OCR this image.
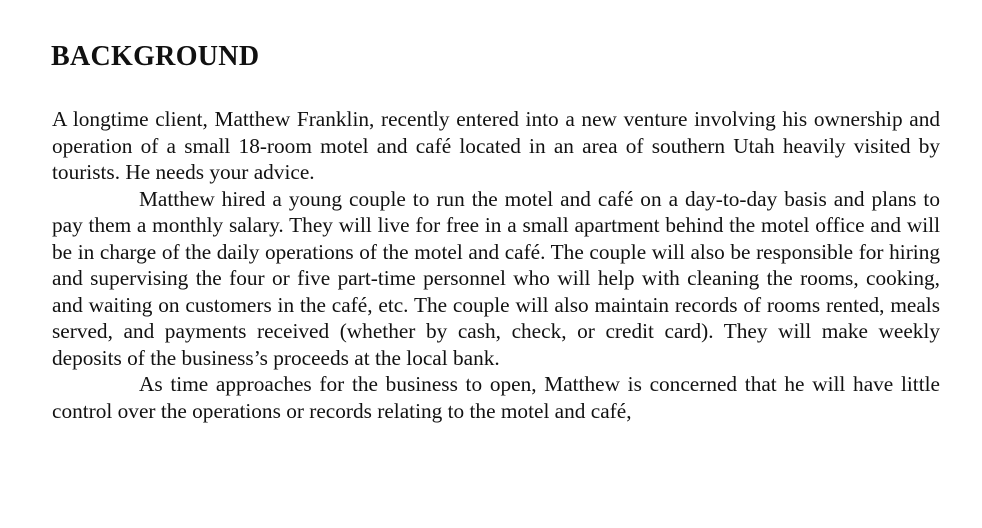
BACKGROUND

A longtime client, Matthew Franklin, recently entered into a new venture involving his ownership and operation of a small 18-room motel and café located in an area of southern Utah heavily visited by tourists. He needs your advice.

Matthew hired a young couple to run the motel and café on a day-to-day basis and plans to pay them a monthly salary. They will live for free in a small apartment behind the motel office and will be in charge of the daily operations of the motel and café. The couple will also be responsible for hiring and supervising the four or five part-time personnel who will help with cleaning the rooms, cooking, and waiting on customers in the café, etc. The couple will also maintain records of rooms rented, meals served, and payments received (whether by cash, check, or credit card). They will make weekly deposits of the business’s proceeds at the local bank.

As time approaches for the business to open, Matthew is concerned that he will have little control over the operations or records relating to the motel and café,
